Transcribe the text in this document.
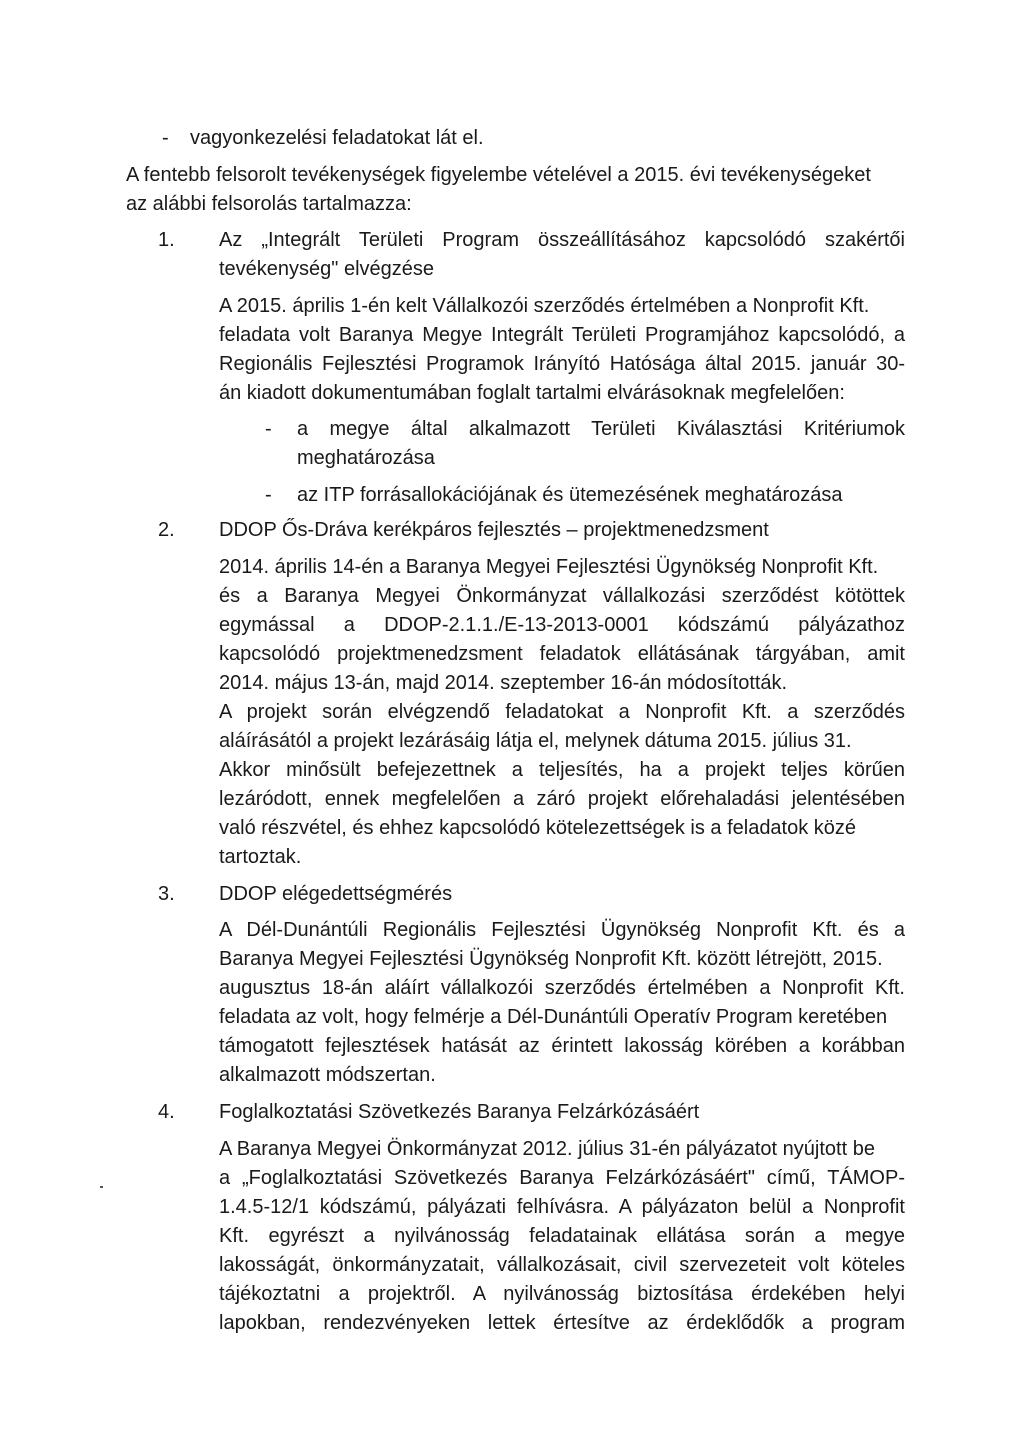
- vagyonkezelési feladatokat lát el.
A fentebb felsorolt tevékenységek figyelembe vételével a 2015. évi tevékenységeket
az alábbi felsorolás tartalmazza:
1. Az „Integrált Területi Program összeállításához kapcsolódó szakértői
tevékenység" elvégzése
A 2015. április 1-én kelt Vállalkozói szerződés értelmében a Nonprofit Kft.
feladata volt Baranya Megye Integrált Területi Programjához kapcsolódó, a
Regionális Fejlesztési Programok Irányító Hatósága által 2015. január 30-
án kiadott dokumentumában foglalt tartalmi elvárásoknak megfelelően:
- a megye által alkalmazott Területi Kiválasztási Kritériumok
meghatározása
- az ITP forrásallokációjának és ütemezésének meghatározása
2. DDOP Ős-Dráva kerékpáros fejlesztés – projektmenedzsment
2014. április 14-én a Baranya Megyei Fejlesztési Ügynökség Nonprofit Kft.
és a Baranya Megyei Önkormányzat vállalkozási szerződést kötöttek
egymással a DDOP-2.1.1./E-13-2013-0001 kódszámú pályázathoz
kapcsolódó projektmenedzsment feladatok ellátásának tárgyában, amit
2014. május 13-án, majd 2014. szeptember 16-án módosították.
A projekt során elvégzendő feladatokat a Nonprofit Kft. a szerződés
aláírásától a projekt lezárásáig látja el, melynek dátuma 2015. július 31.
Akkor minősült befejezettnek a teljesítés, ha a projekt teljes körűen
lezáródott, ennek megfelelően a záró projekt előrehaladási jelentésében
való részvétel, és ehhez kapcsolódó kötelezettségek is a feladatok közé
tartoztak.
3. DDOP elégedettségmérés
A Dél-Dunántúli Regionális Fejlesztési Ügynökség Nonprofit Kft. és a
Baranya Megyei Fejlesztési Ügynökség Nonprofit Kft. között létrejött, 2015.
augusztus 18-án aláírt vállalkozói szerződés értelmében a Nonprofit Kft.
feladata az volt, hogy felmérje a Dél-Dunántúli Operatív Program keretében
támogatott fejlesztések hatását az érintett lakosság körében a korábban
alkalmazott módszertan.
4. Foglalkoztatási Szövetkezés Baranya Felzárkózásáért
A Baranya Megyei Önkormányzat 2012. július 31-én pályázatot nyújtott be
a „Foglalkoztatási Szövetkezés Baranya Felzárkózásáért" című, TÁMOP-
1.4.5-12/1 kódszámú, pályázati felhívásra. A pályázaton belül a Nonprofit
Kft. egyrészt a nyilvánosság feladatainak ellátása során a megye
lakosságát, önkormányzatait, vállalkozásait, civil szervezeteit volt köteles
tájékoztatni a projektről. A nyilvánosság biztosítása érdekében helyi
lapokban, rendezvényeken lettek értesítve az érdeklődők a program
